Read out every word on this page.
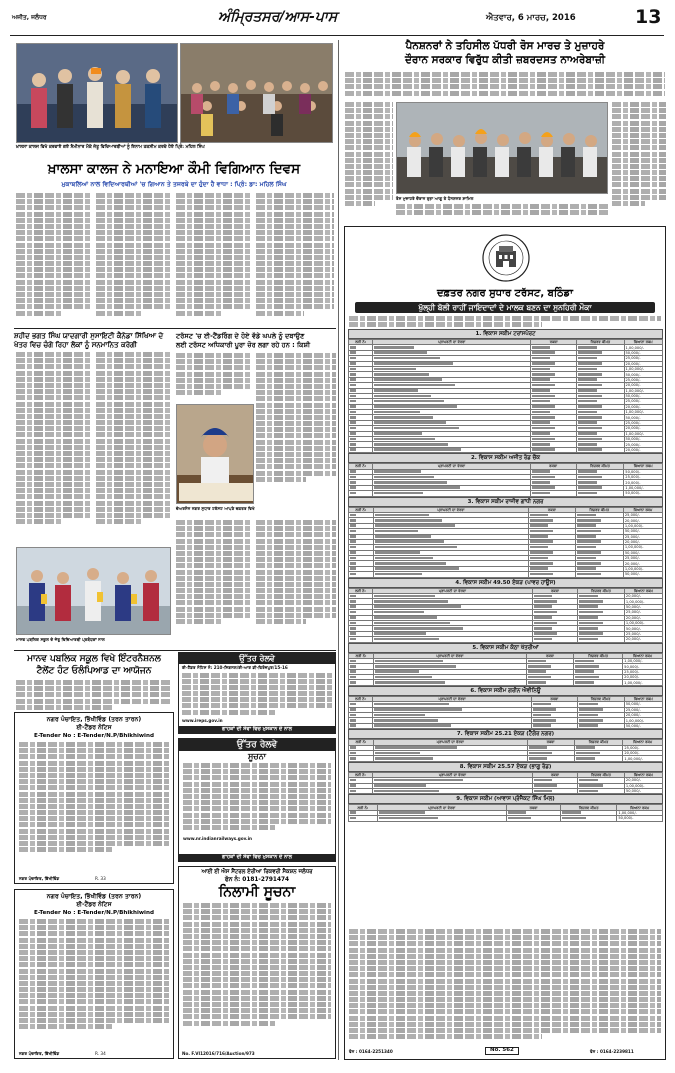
ਅਜੀਤ, ਜਲੰਧਰ	ਅੰਮ੍ਰਿਤਸਰ/ਆਸ-ਪਾਸ	ਐਤਵਾਰ, 6 ਮਾਰਚ, 2016	13
ਖ਼ਾਲਸਾ ਕਾਲਜ ਵਿਖੇ ਕਰਵਾਏ ਗਏ ਸੈਮੀਨਾਰ ਮੌਕੇ ਜੇਤੂ ਵਿਦਿਆਰਥੀਆਂ ਨੂੰ ਇਨਾਮ ਤਕਸੀਮ ਕਰਦੇ ਹੋਏ ਪ੍ਰਿੰ: ਮਹਿਲ ਸਿੰਘ
ਖ਼ਾਲਸਾ ਕਾਲਜ ਨੇ ਮਨਾਇਆ ਕੌਮੀ ਵਿਗਿਆਨ ਦਿਵਸ
ਮੁਕਾਬਲਿਆਂ ਨਾਲ ਵਿਦਿਆਰਥੀਆਂ 'ਚ ਗਿਆਨ ਤੇ ਤਜਰਬੇ ਦਾ ਹੁੰਦਾ ਹੈ ਵਾਧਾ : ਪ੍ਰਿੰ: ਡਾ: ਮਹਿਲ ਸਿੰਘ
ਸ਼ਹੀਦ ਭਗਤ ਸਿੰਘ ਯਾਦਗਾਰੀ ਸੁਸਾਇਟੀ ਕੈਨੇਡਾ ਸਿੱਖਿਆ ਦੇ ਖੇਤਰ ਵਿਚ ਚੰਗੇ ਰਿਹਾ ਲੋਕਾਂ ਨੂੰ ਸਨਮਾਨਿਤ ਕਰੇਗੀ
ਮਾਨਵ ਪਬਲਿਕ ਸਕੂਲ ਦੇ ਜੇਤੂ ਵਿਦਿਆਰਥੀ ਪ੍ਰਬੰਧਕਾਂ ਨਾਲ
ਟਰੱਸਟ 'ਚ ਈ-ਟੈਂਡਰਿੰਗ ਦੇ ਹੋਏ ਵੱਡੇ ਘਪਲੇ ਨੂੰ ਦਬਾਉਣ
ਲਈ ਟਰੱਸਟ ਅਧਿਕਾਰੀ ਪੂਰਾ ਜ਼ੋਰ ਲਗਾ ਰਹੇ ਹਨ : ਕਿਸ਼ੀ
ਚੇਅਰਮੈਨ ਨਗਰ ਸੁਧਾਰ ਟਰੱਸਟ ਆਪਣੇ ਦਫ਼ਤਰ ਵਿਖੇ
ਮਾਨਵ ਪਬਲਿਕ ਸਕੂਲ ਵਿਖੇ ਇੰਟਰਨੈਸ਼ਨਲ
ਟੈਲੇਂਟ ਹੰਟ ਓਲੰਪਿਆਡ ਦਾ ਆਯੋਜਨ
ਨਗਰ ਪੰਚਾਇਤ, ਭਿੱਖੀਵਿੰਡ (ਤਰਨ ਤਾਰਨ)
ਈ-ਟੈਂਡਰ ਨੋਟਿਸ
E-Tender No : E-Tender/N.P/Bhikhiwind
ਨਗਰ ਪੰਚਾਇਤ, ਭਿੱਖੀਵਿੰਡ	R. 33
ਨਗਰ ਪੰਚਾਇਤ, ਭਿੱਖੀਵਿੰਡ (ਤਰਨ ਤਾਰਨ)
ਈ-ਟੈਂਡਰ ਨੋਟਿਸ
E-Tender No : E-Tender/N.P/Bhikhiwind
ਨਗਰ ਪੰਚਾਇਤ, ਭਿੱਖੀਵਿੰਡ	R. 34
ਉੱਤਰ ਰੇਲਵੇ
ਈ-ਟੈਂਡਰ ਨੋਟਿਸ ਨੰ: 210-ਸਿਗਨਲ/ਈ-ਆਰ ਡੀ-ਫਿਰੋਜ਼ਪੁਰ/15-16
www.ireps.gov.in
ਗਾਹਕਾਂ ਦੀ ਸੇਵਾ ਵਿਚ ਮੁਸਕਾਨ ਦੇ ਨਾਲ
ਉੱਤਰ ਰੇਲਵੇ
ਸੂਚਨਾ
www.nr.indianrailways.gov.in
ਗਾਹਕਾਂ ਦੀ ਸੇਵਾ ਵਿਚ ਮੁਸਕਾਨ ਦੇ ਨਾਲ
ਆਈ ਈ ਐਸ ਸੈਂਟਰਲ ਏਰੀਆ ਰਿਕਵਰੀ ਸੈਕਸ਼ਨ ਜਲੰਧਰ
ਫੋਨ ਨੰ: 0181-2791474
ਨਿਲਾਮੀ ਸੂਚਨਾ
No. F.VI12016/716/Auction/973
ਪੈਨਸ਼ਨਰਾਂ ਨੇ ਤਹਿਸੀਲ ਪੱਧਰੀ ਰੋਸ ਮਾਰਚ ਤੇ ਮੁਜ਼ਾਹਰੇ
ਦੌਰਾਨ ਸਰਕਾਰ ਵਿਰੁੱਧ ਕੀਤੀ ਜ਼ਬਰਦਸਤ ਨਾਅਰੇਬਾਜ਼ੀ
ਰੋਸ ਮੁਜ਼ਾਹਰੇ ਦੌਰਾਨ ਰੁਝਾ ਆਗੂ ਤੇ ਪੈਨਸ਼ਨਰ ਸ਼ਾਮਿਲ
ਦਫ਼ਤਰ ਨਗਰ ਸੁਧਾਰ ਟਰੱਸਟ, ਬਠਿੰਡਾ
ਖੁੱਲ੍ਹੀ ਬੋਲੀ ਰਾਹੀਂ ਜਾਇਦਾਦਾਂ ਦੇ ਮਾਲਕ ਬਣਨ ਦਾ ਸੁਨਹਿਰੀ ਮੌਕਾ
1. ਵਿਕਾਸ ਸਕੀਮ ਟਰਾਂਸਪੋਰਟ
ਲੜੀ ਨੰ:	ਪ੍ਰਾਪਰਟੀ ਦਾ ਵੇਰਵਾ	ਰਕਬਾ	ਰਿਜ਼ਰਵ ਕੀਮਤ	ਬਿਆਨਾ ਰਕਮ
				1,00,000/-
				50,000/-
				25,000/-
				20,000/-
				1,00,000/-
				50,000/-
				25,000/-
				20,000/-
				1,00,000/-
				50,000/-
				25,000/-
				20,000/-
				1,00,000/-
				50,000/-
				25,000/-
				20,000/-
				1,00,000/-
				50,000/-
				25,000/-
				20,000/-
2. ਵਿਕਾਸ ਸਕੀਮ ਅਜੀਤ ਰੋਡ ਚੌਕ
ਲੜੀ ਨੰ:	ਪ੍ਰਾਪਰਟੀ ਦਾ ਵੇਰਵਾ	ਰਕਬਾ	ਰਿਜ਼ਰਵ ਕੀਮਤ	ਬਿਆਨਾ ਰਕਮ
				50,000/-
				25,000/-
				20,000/-
				1,00,000/-
				50,000/-
3. ਵਿਕਾਸ ਸਕੀਮ ਰਾਜੀਵ ਗਾਂਧੀ ਨਗਰ
ਲੜੀ ਨੰ:	ਪ੍ਰਾਪਰਟੀ ਦਾ ਵੇਰਵਾ	ਰਕਬਾ	ਰਿਜ਼ਰਵ ਕੀਮਤ	ਬਿਆਨਾ ਰਕਮ
				25,000/-
				20,000/-
				1,00,000/-
				50,000/-
				25,000/-
				20,000/-
				1,00,000/-
				50,000/-
				25,000/-
				20,000/-
				1,00,000/-
				50,000/-
4. ਵਿਕਾਸ ਸਕੀਮ 49.50 ਏਕੜ (ਪਾਵਰ ਹਾਊਸ)
ਲੜੀ ਨੰ:	ਪ੍ਰਾਪਰਟੀ ਦਾ ਵੇਰਵਾ	ਰਕਬਾ	ਰਿਜ਼ਰਵ ਕੀਮਤ	ਬਿਆਨਾ ਰਕਮ
				20,000/-
				1,00,000/-
				50,000/-
				25,000/-
				20,000/-
				1,00,000/-
				50,000/-
				25,000/-
				20,000/-
5. ਵਿਕਾਸ ਸਕੀਮ ਕੋਠਾ ਖੱਤਰੀਆਂ
ਲੜੀ ਨੰ:	ਪ੍ਰਾਪਰਟੀ ਦਾ ਵੇਰਵਾ	ਰਕਬਾ	ਰਿਜ਼ਰਵ ਕੀਮਤ	ਬਿਆਨਾ ਰਕਮ
				1,00,000/-
				50,000/-
				25,000/-
				20,000/-
				1,00,000/-
6. ਵਿਕਾਸ ਸਕੀਮ ਗਰੀਨ ਐਵੀਨਿਊ
ਲੜੀ ਨੰ:	ਪ੍ਰਾਪਰਟੀ ਦਾ ਵੇਰਵਾ	ਰਕਬਾ	ਰਿਜ਼ਰਵ ਕੀਮਤ	ਬਿਆਨਾ ਰਕਮ
				50,000/-
				25,000/-
				20,000/-
				1,00,000/-
				50,000/-
7. ਵਿਕਾਸ ਸਕੀਮ 25.21 ਏਕੜ (ਟੈਗੋਰ ਨਗਰ)
ਲੜੀ ਨੰ:	ਪ੍ਰਾਪਰਟੀ ਦਾ ਵੇਰਵਾ	ਰਕਬਾ	ਰਿਜ਼ਰਵ ਕੀਮਤ	ਬਿਆਨਾ ਰਕਮ
				25,000/-
				20,000/-
				1,00,000/-
8. ਵਿਕਾਸ ਸਕੀਮ 25.57 ਏਕੜ (ਭਾਗੂ ਰੋਡ)
ਲੜੀ ਨੰ:	ਪ੍ਰਾਪਰਟੀ ਦਾ ਵੇਰਵਾ	ਰਕਬਾ	ਰਿਜ਼ਰਵ ਕੀਮਤ	ਬਿਆਨਾ ਰਕਮ
				20,000/-
				1,00,000/-
				50,000/-
9. ਵਿਕਾਸ ਸਕੀਮ (ਆਵਾਸ ਪ੍ਰੋਜੈਕਟ ਸਿੰਘ ਮਿਲ)
ਲੜੀ ਨੰ:	ਪ੍ਰਾਪਰਟੀ ਦਾ ਵੇਰਵਾ	ਰਕਬਾ	ਰਿਜ਼ਰਵ ਕੀਮਤ	ਬਿਆਨਾ ਰਕਮ
				1,00,000/-
				50,000/-
ਫੋਨ : 0164-2251340	No. 562	ਫੋਨ : 0164-2239811
